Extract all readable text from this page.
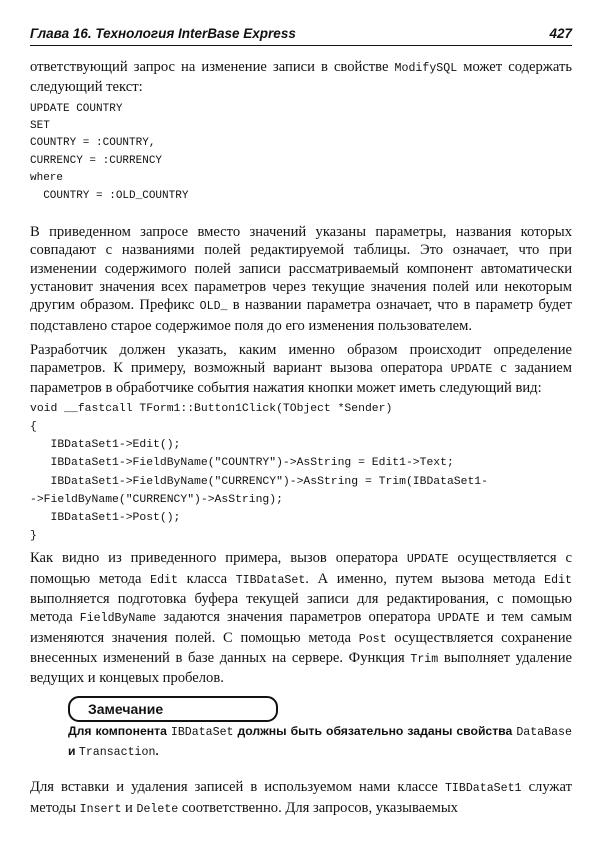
Глава 16. Технология InterBase Express	427

ответствующий запрос на изменение записи в свойстве ModifySQL может содержать следующий текст:

UPDATE COUNTRY
SET
COUNTRY = :COUNTRY,
CURRENCY = :CURRENCY
where
COUNTRY = :OLD_COUNTRY

В приведенном запросе вместо значений указаны параметры, названия которых совпадают с названиями полей редактируемой таблицы. Это означает, что при изменении содержимого полей записи рассматриваемый компонент автоматически установит значения всех параметров через текущие значения полей или некоторым другим образом. Префикс OLD_ в названии параметра означает, что в параметр будет подставлено старое содержимое поля до его изменения пользователем.

Разработчик должен указать, каким именно образом происходит определение параметров. К примеру, возможный вариант вызова оператора UPDATE с заданием параметров в обработчике события нажатия кнопки может иметь следующий вид:

void __fastcall TForm1::Button1Click(TObject *Sender)
{
IBDataSet1->Edit();
IBDataSet1->FieldByName("COUNTRY")->AsString = Edit1->Text;
IBDataSet1->FieldByName("CURRENCY")->AsString = Trim(IBDataSet1-
->FieldByName("CURRENCY")->AsString);
IBDataSet1->Post();
}

Как видно из приведенного примера, вызов оператора UPDATE осуществляется с помощью метода Edit класса TIBDataSet. А именно, путем вызова метода Edit выполняется подготовка буфера текущей записи для редактирования, с помощью метода FieldByName задаются значения параметров оператора UPDATE и тем самым изменяются значения полей. С помощью метода Post осуществляется сохранение внесенных изменений в базе данных на сервере. Функция Trim выполняет удаление ведущих и концевых пробелов.

Замечание
Для компонента IBDataSet должны быть обязательно заданы свойства DataBase и Transaction.

Для вставки и удаления записей в используемом нами классе TIBDataSet1 служат методы Insert и Delete соответственно. Для запросов, указываемых
